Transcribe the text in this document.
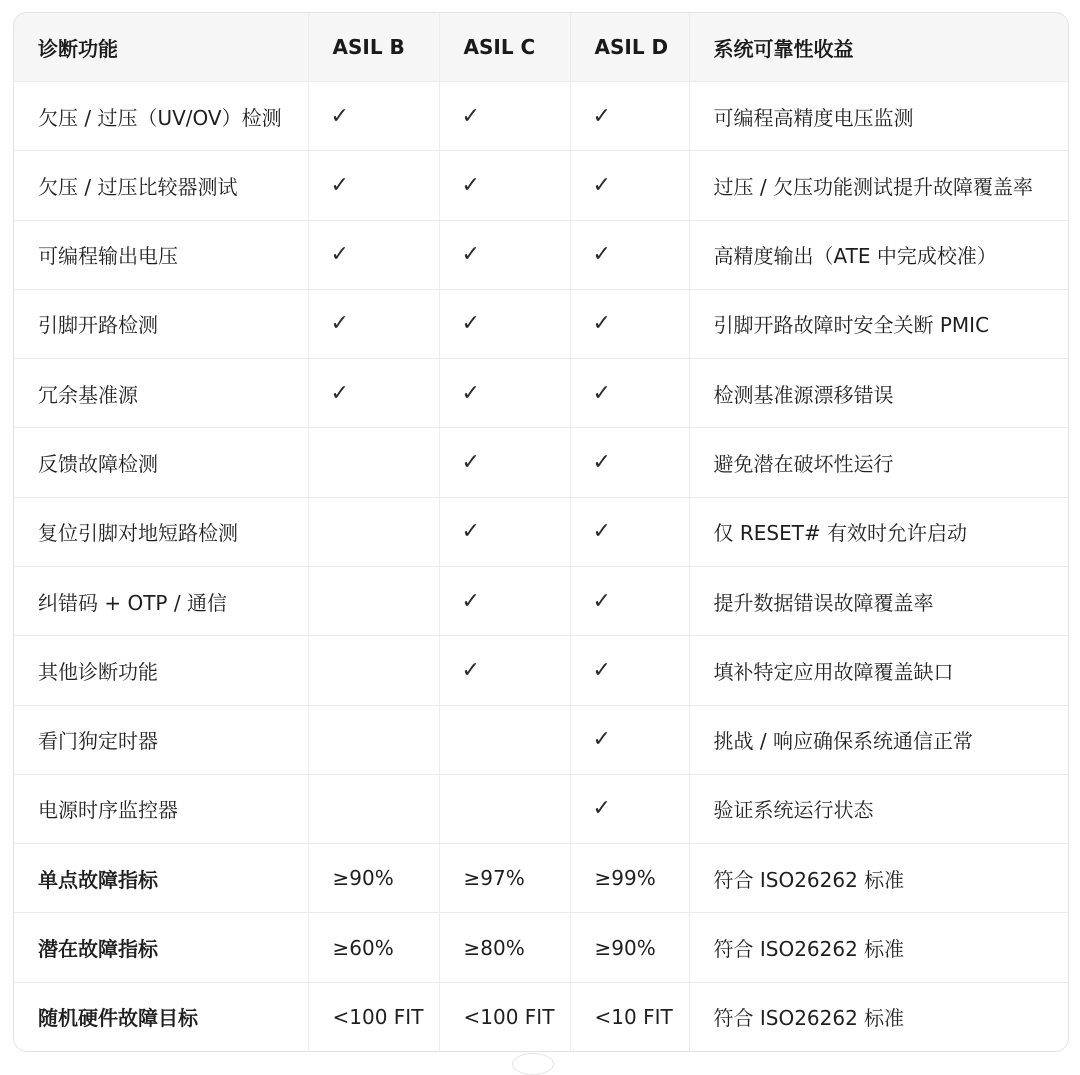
诊断功能	ASIL B	ASIL C	ASIL D	系统可靠性收益
欠压 / 过压（UV/OV）检测	✓	✓	✓	可编程高精度电压监测
欠压 / 过压比较器测试	✓	✓	✓	过压 / 欠压功能测试提升故障覆盖率
可编程输出电压	✓	✓	✓	高精度输出（ATE 中完成校准）
引脚开路检测	✓	✓	✓	引脚开路故障时安全关断 PMIC
冗余基准源	✓	✓	✓	检测基准源漂移错误
反馈故障检测		✓	✓	避免潜在破坏性运行
复位引脚对地短路检测		✓	✓	仅 RESET# 有效时允许启动
纠错码 + OTP / 通信		✓	✓	提升数据错误故障覆盖率
其他诊断功能		✓	✓	填补特定应用故障覆盖缺口
看门狗定时器			✓	挑战 / 响应确保系统通信正常
电源时序监控器			✓	验证系统运行状态
单点故障指标	≥90%	≥97%	≥99%	符合 ISO26262 标准
潜在故障指标	≥60%	≥80%	≥90%	符合 ISO26262 标准
随机硬件故障目标	<100 FIT	<100 FIT	<10 FIT	符合 ISO26262 标准
